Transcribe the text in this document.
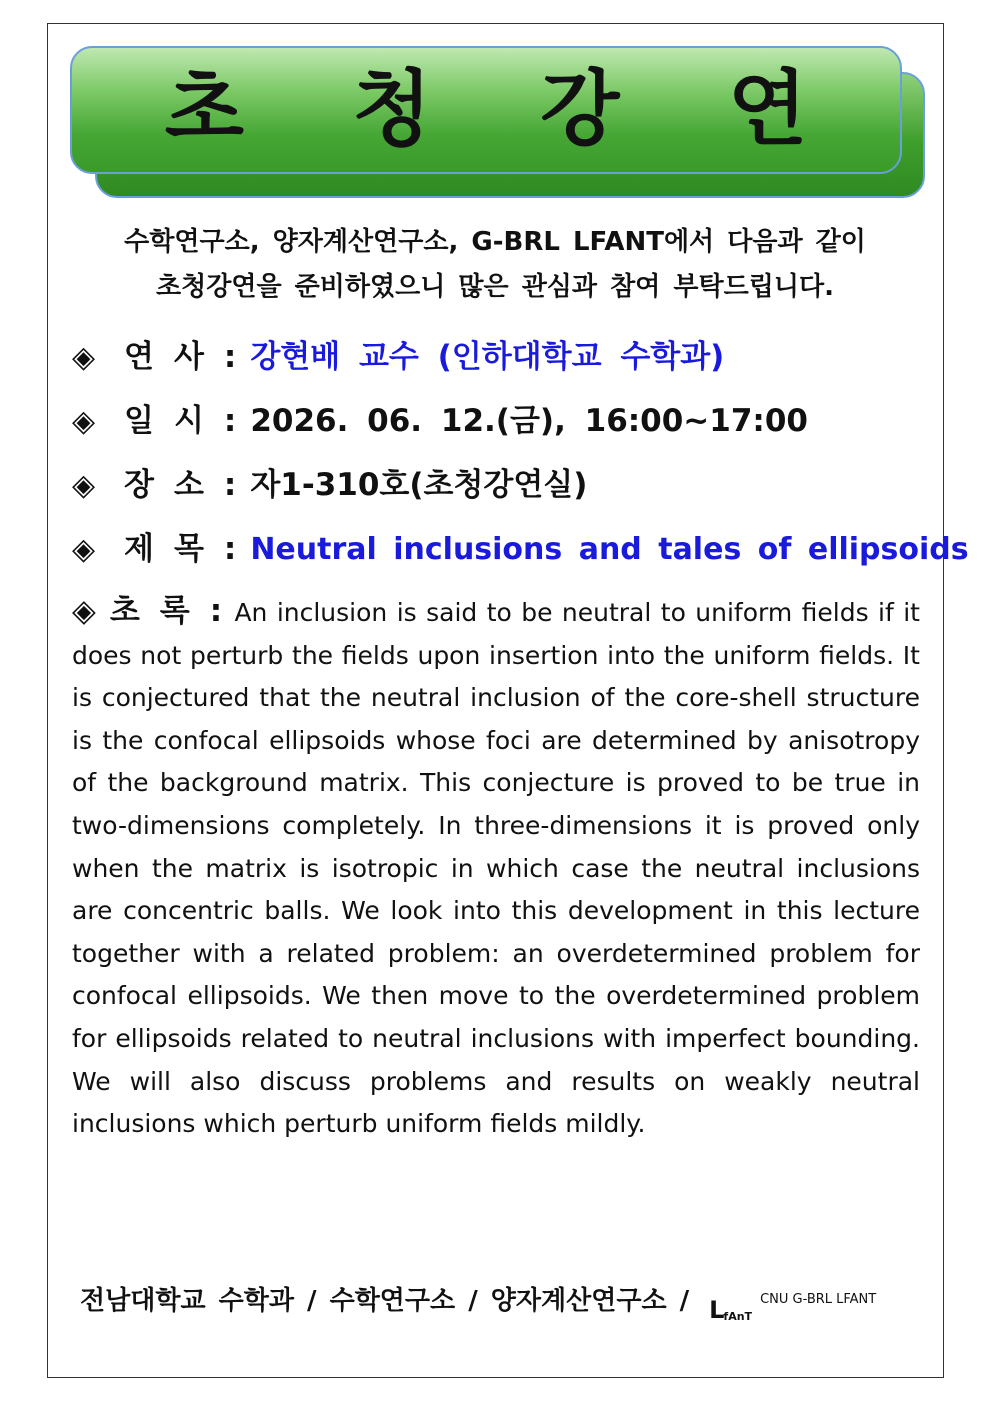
초 청 강 연
수학연구소, 양자계산연구소, G-BRL LFANT에서 다음과 같이
초청강연을 준비하였으니 많은 관심과 참여 부탁드립니다.
◈ 연사: 강현배 교수 (인하대학교 수학과)
◈ 일시: 2026. 06. 12.(금), 16:00~17:00
◈ 장소: 자1-310호(초청강연실)
◈ 제목: Neutral inclusions and tales of ellipsoids
◈ 초록: An inclusion is said to be neutral to uniform fields if it does not perturb the fields upon insertion into the uniform fields. It is conjectured that the neutral inclusion of the core-shell structure is the confocal ellipsoids whose foci are determined by anisotropy of the background matrix. This conjecture is proved to be true in two-dimensions completely. In three-dimensions it is proved only when the matrix is isotropic in which case the neutral inclusions are concentric balls. We look into this development in this lecture together with a related problem: an overdetermined problem for confocal ellipsoids. We then move to the overdetermined problem for ellipsoids related to neutral inclusions with imperfect bounding. We will also discuss problems and results on weakly neutral inclusions which perturb uniform fields mildly.
전남대학교 수학과 / 수학연구소 / 양자계산연구소 / L fAnT
CNU G-BRL LFANT
